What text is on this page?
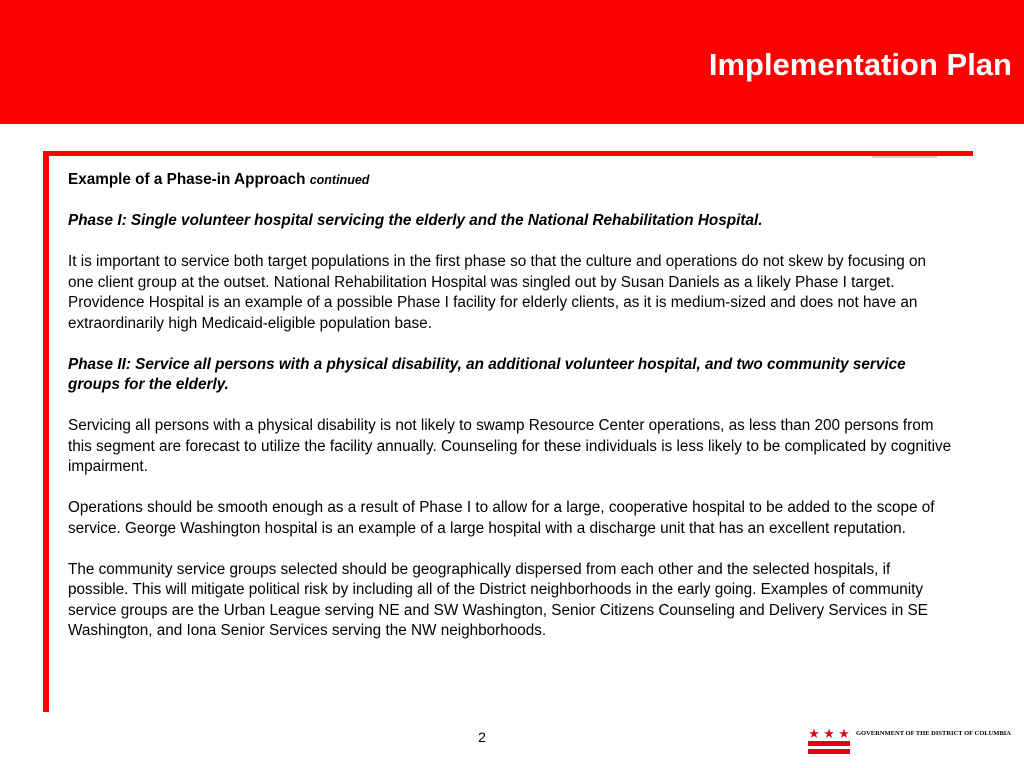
Implementation Plan

Example of a Phase-in Approach continued

Phase I: Single volunteer hospital servicing the elderly and the National Rehabilitation Hospital.

It is important to service both target populations in the first phase so that the culture and operations do not skew by focusing on one client group at the outset. National Rehabilitation Hospital was singled out by Susan Daniels as a likely Phase I target. Providence Hospital is an example of a possible Phase I facility for elderly clients, as it is medium-sized and does not have an extraordinarily high Medicaid-eligible population base.

Phase II: Service all persons with a physical disability, an additional volunteer hospital, and two community service groups for the elderly.

Servicing all persons with a physical disability is not likely to swamp Resource Center operations, as less than 200 persons from this segment are forecast to utilize the facility annually. Counseling for these individuals is less likely to be complicated by cognitive impairment.

Operations should be smooth enough as a result of Phase I to allow for a large, cooperative hospital to be added to the scope of service. George Washington hospital is an example of a large hospital with a discharge unit that has an excellent reputation.

The community service groups selected should be geographically dispersed from each other and the selected hospitals, if possible. This will mitigate political risk by including all of the District neighborhoods in the early going. Examples of community service groups are the Urban League serving NE and SW Washington, Senior Citizens Counseling and Delivery Services in SE Washington, and Iona Senior Services serving the NW neighborhoods.

2	GOVERNMENT OF THE DISTRICT OF COLUMBIA
